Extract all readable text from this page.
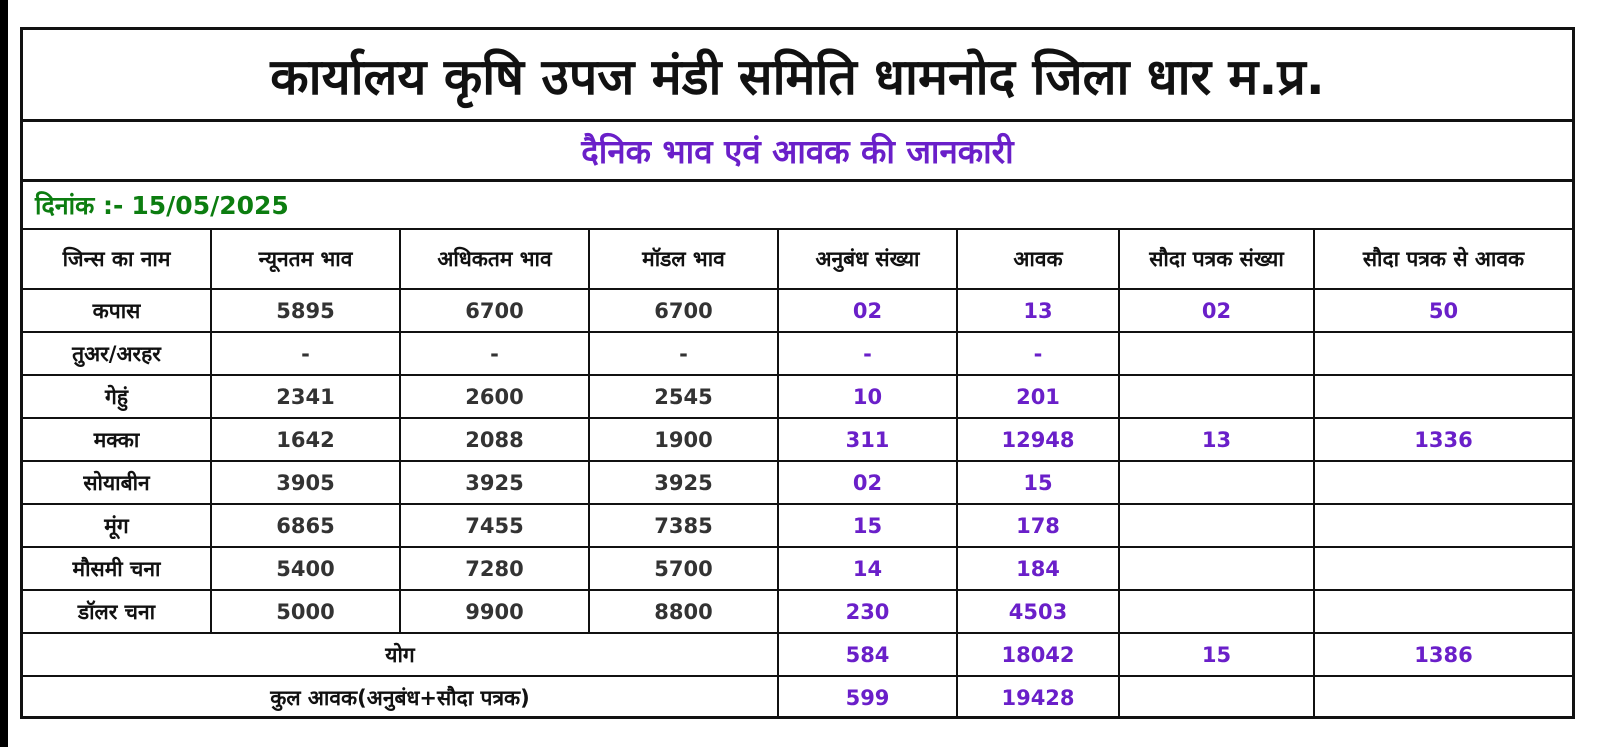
कार्यालय कृषि उपज मंडी समिति धामनोद जिला धार म.प्र.
दैनिक भाव एवं आवक की जानकारी
दिनांक :- 15/05/2025
जिन्स का नाम	न्यूनतम भाव	अधिकतम भाव	मॉडल भाव	अनुबंध संख्या	आवक	सौदा पत्रक संख्या	सौदा पत्रक से आवक
कपास	5895	6700	6700	02	13	02	50
तुअर/अरहर	-	-	-	-	-		
गेहुं	2341	2600	2545	10	201		
मक्का	1642	2088	1900	311	12948	13	1336
सोयाबीन	3905	3925	3925	02	15		
मूंग	6865	7455	7385	15	178		
मौसमी चना	5400	7280	5700	14	184		
डॉलर चना	5000	9900	8800	230	4503		
योग				584	18042	15	1386
कुल आवक(अनुबंध+सौदा पत्रक)				599	19428		
